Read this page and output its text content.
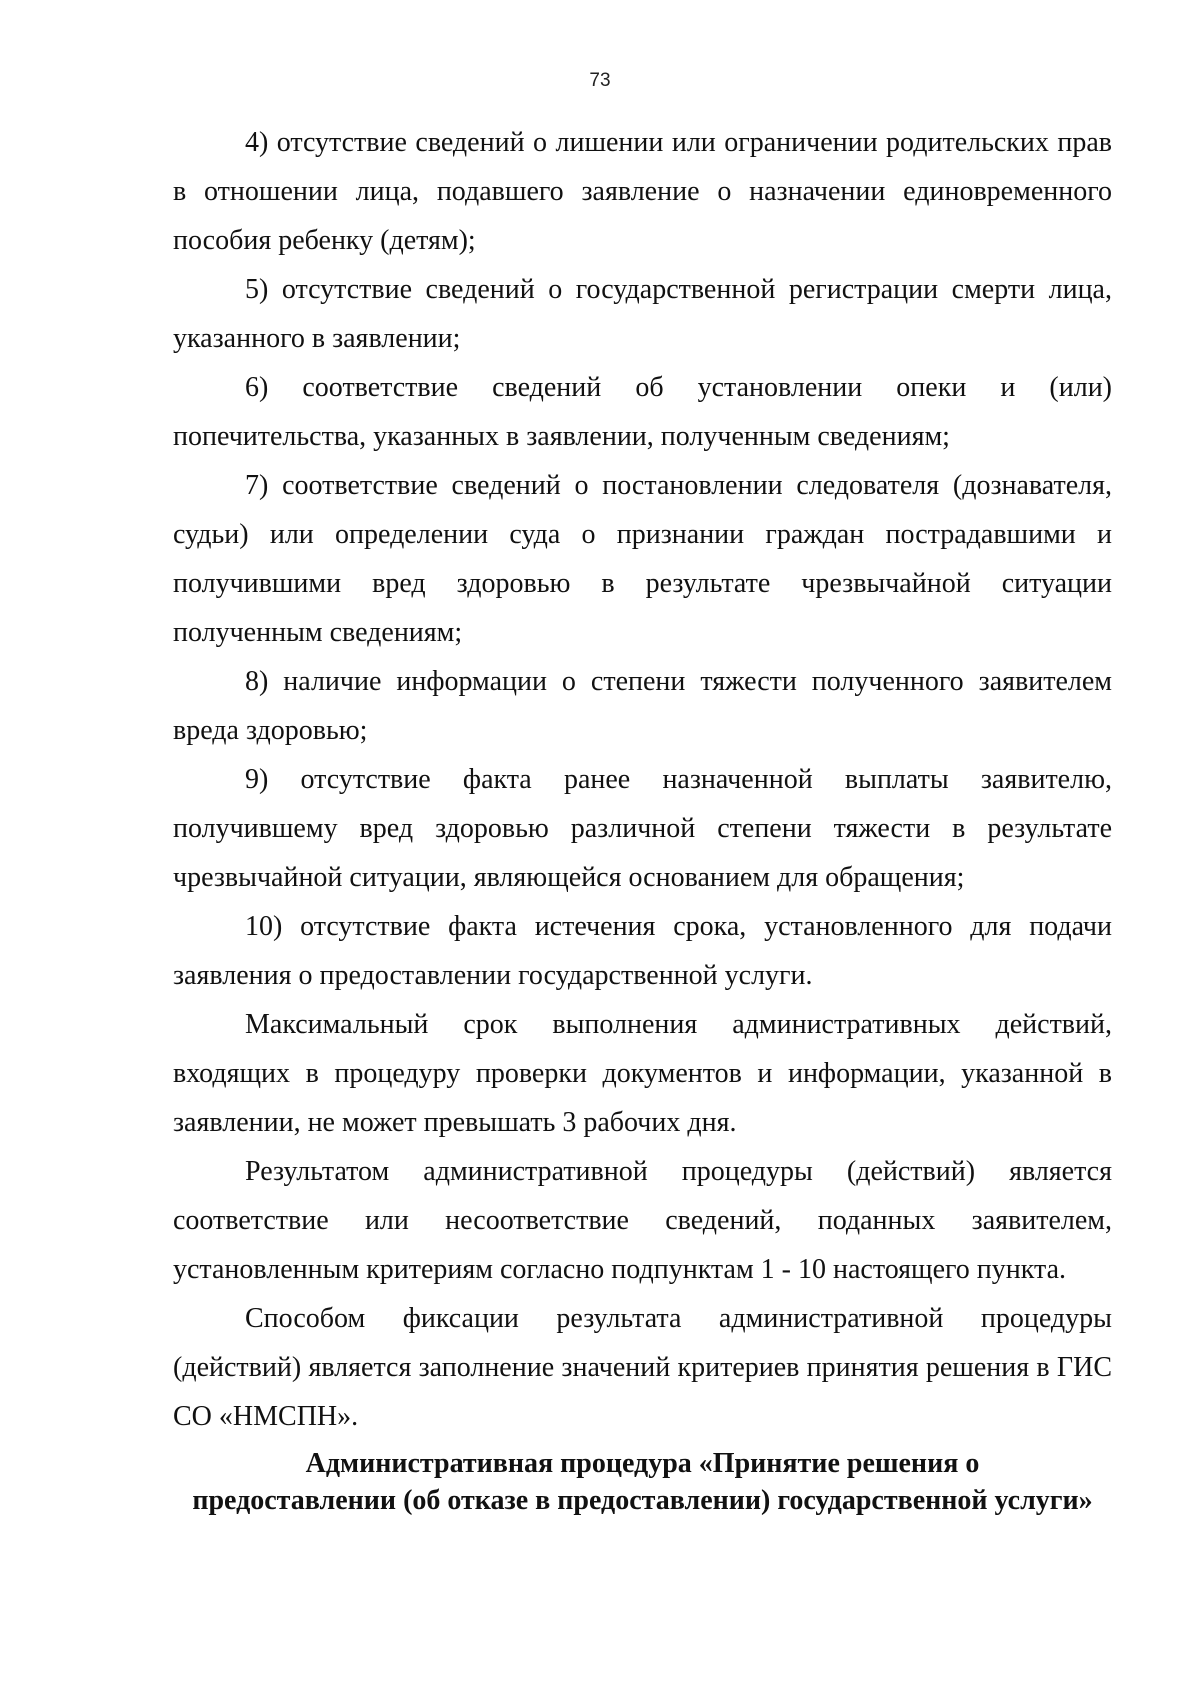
73

4) отсутствие сведений о лишении или ограничении родительских прав в отношении лица, подавшего заявление о назначении единовременного пособия ребенку (детям);

5) отсутствие сведений о государственной регистрации смерти лица, указанного в заявлении;

6) соответствие сведений об установлении опеки и (или) попечительства, указанных в заявлении, полученным сведениям;

7) соответствие сведений о постановлении следователя (дознавателя, судьи) или определении суда о признании граждан пострадавшими и получившими вред здоровью в результате чрезвычайной ситуации полученным сведениям;

8) наличие информации о степени тяжести полученного заявителем вреда здоровью;

9) отсутствие факта ранее назначенной выплаты заявителю, получившему вред здоровью различной степени тяжести в результате чрезвычайной ситуации, являющейся основанием для обращения;

10) отсутствие факта истечения срока, установленного для подачи заявления о предоставлении государственной услуги.

Максимальный срок выполнения административных действий, входящих в процедуру проверки документов и информации, указанной в заявлении, не может превышать 3 рабочих дня.

Результатом административной процедуры (действий) является соответствие или несоответствие сведений, поданных заявителем, установленным критериям согласно подпунктам 1 - 10 настоящего пункта.

Способом фиксации результата административной процедуры (действий) является заполнение значений критериев принятия решения в ГИС СО «НМСПН».

Административная процедура «Принятие решения о
предоставлении (об отказе в предоставлении) государственной услуги»
